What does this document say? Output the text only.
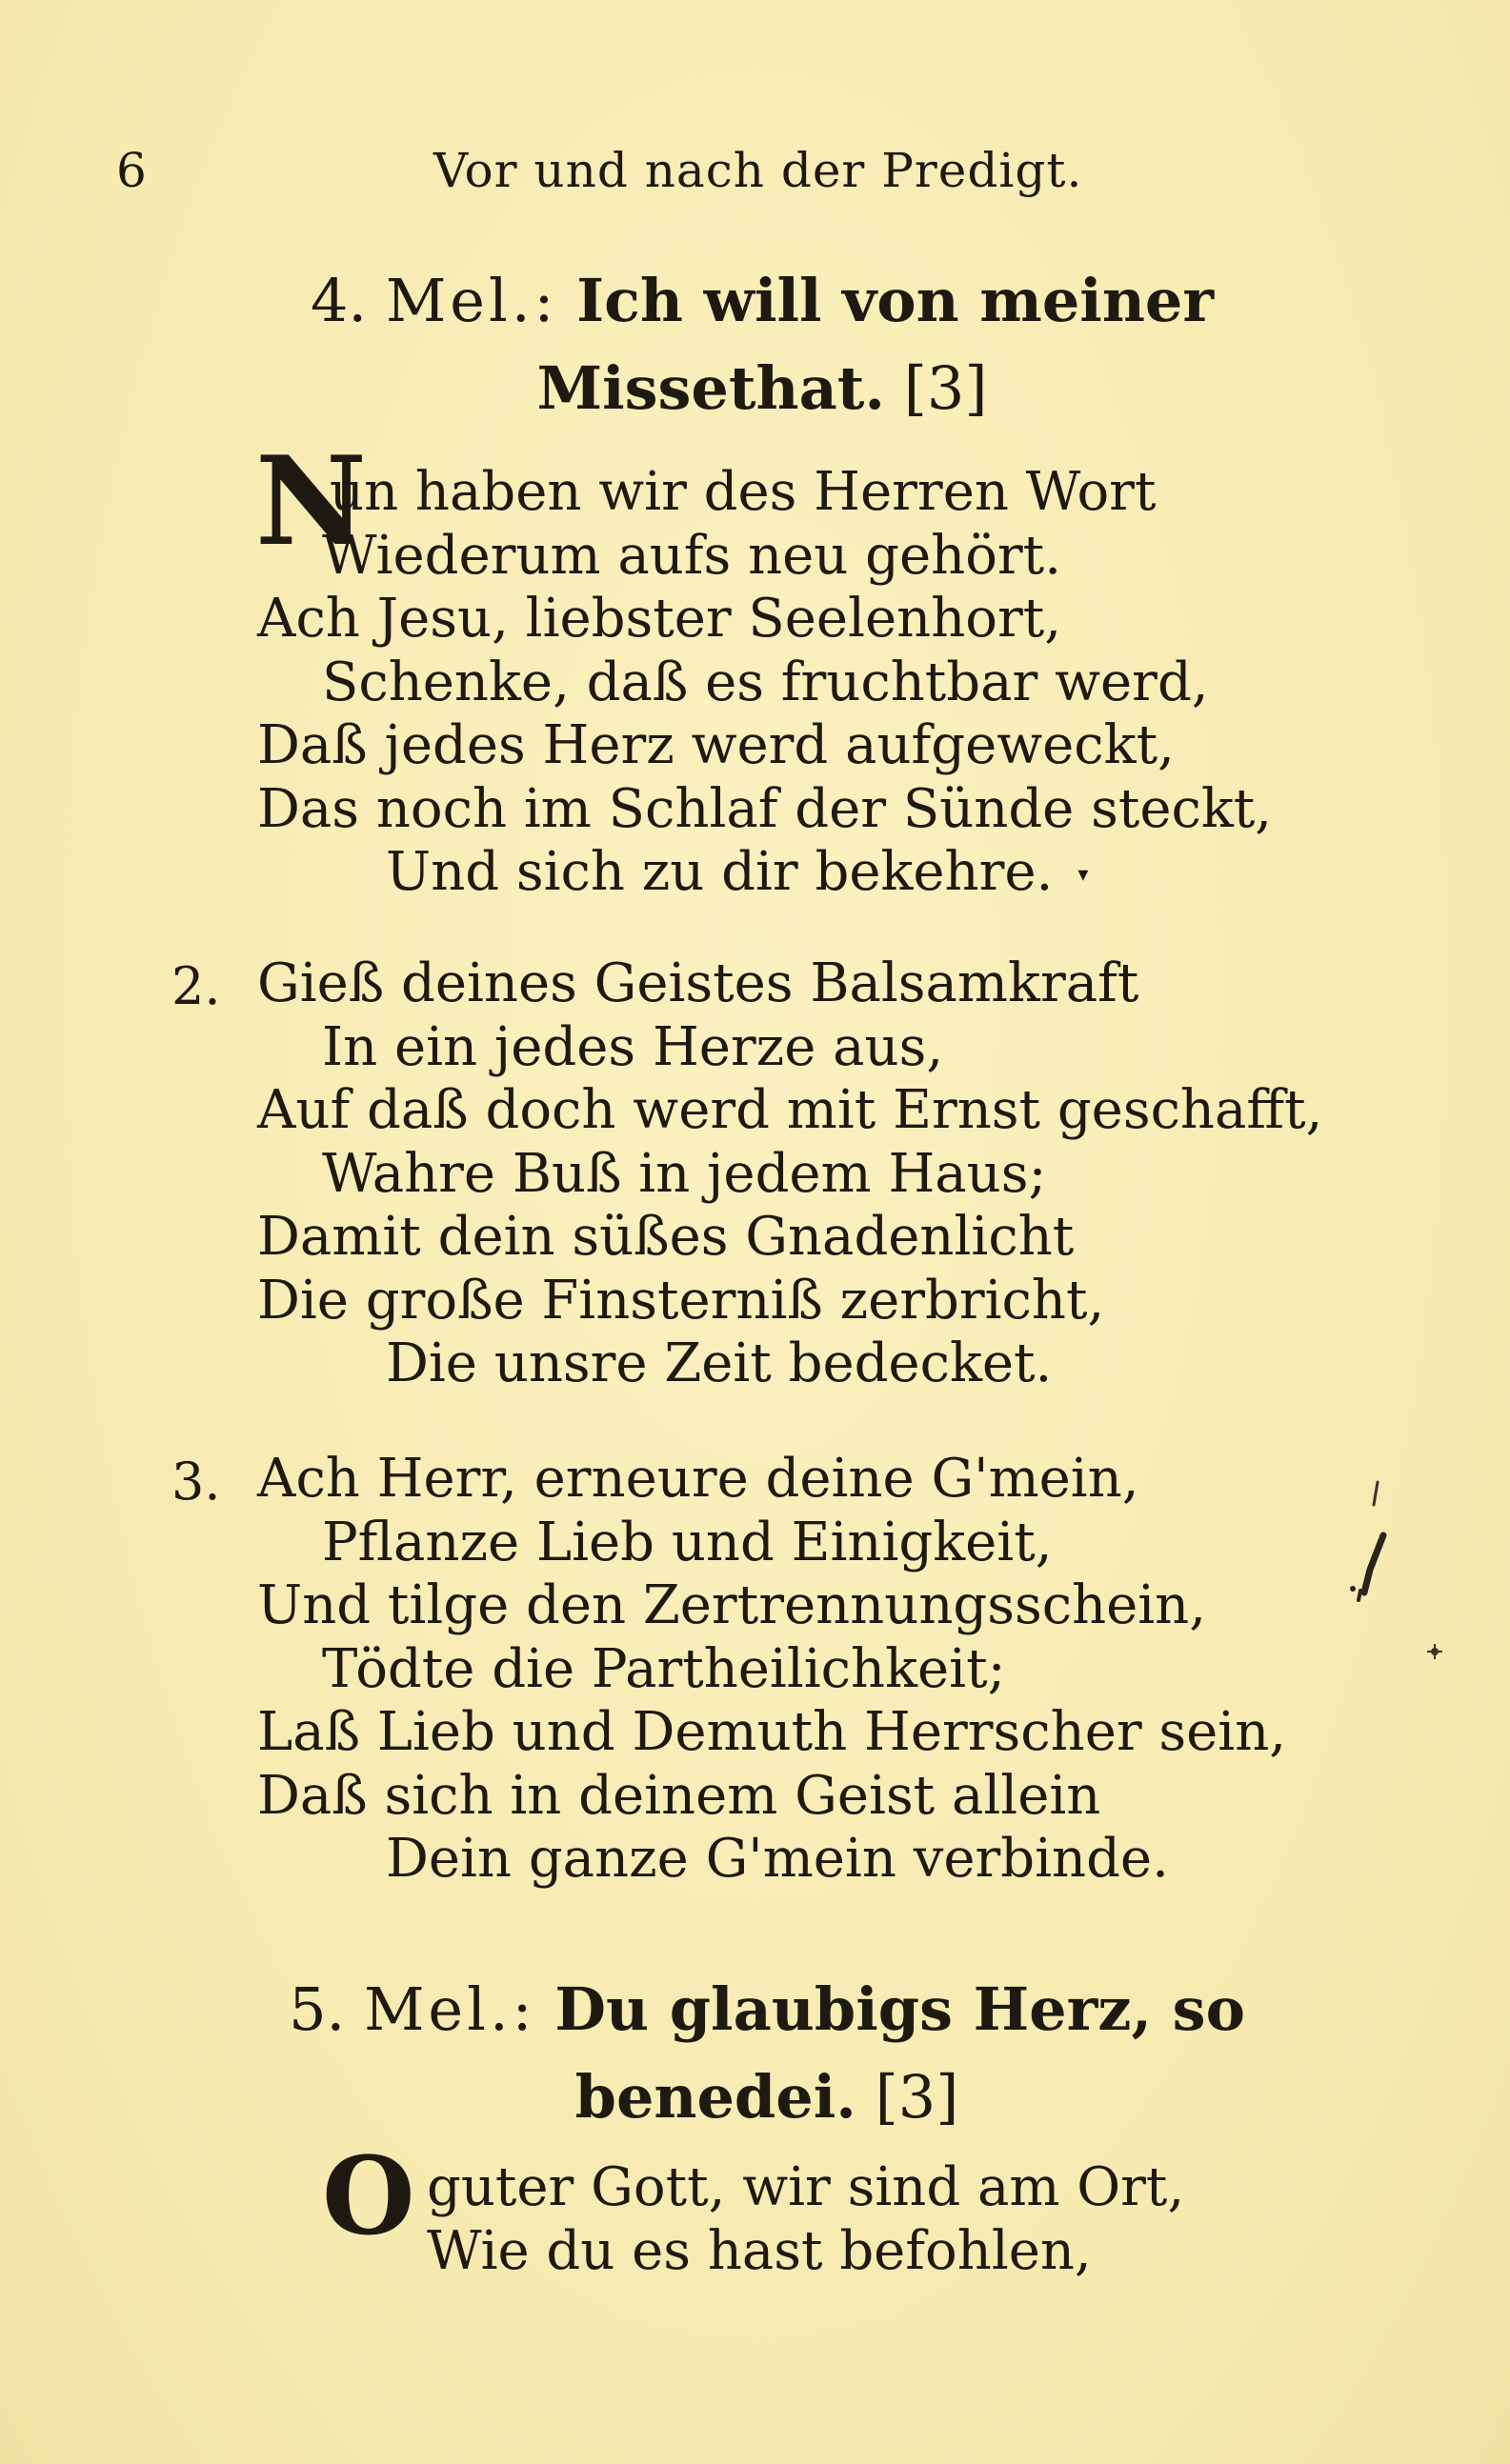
6	Vor und nach der Predigt.
4. Mel.: Ich will von meiner
Missethat. [3]
N
un haben wir des Herren Wort
Wiederum aufs neu gehört.
Ach Jesu, liebster Seelenhort,
Schenke, daß es fruchtbar werd,
Daß jedes Herz werd aufgeweckt,
Das noch im Schlaf der Sünde steckt,
Und sich zu dir bekehre. ▾
2. Gieß deines Geistes Balsamkraft
In ein jedes Herze aus,
Auf daß doch werd mit Ernst geschafft,
Wahre Buß in jedem Haus;
Damit dein süßes Gnadenlicht
Die große Finsterniß zerbricht,
Die unsre Zeit bedecket.
3. Ach Herr, erneure deine G'mein,
Pflanze Lieb und Einigkeit,
Und tilge den Zertrennungsschein,
Tödte die Partheilichkeit;
Laß Lieb und Demuth Herrscher sein,
Daß sich in deinem Geist allein
Dein ganze G'mein verbinde.
5. Mel.: Du glaubigs Herz, so
benedei. [3]
O guter Gott, wir sind am Ort,
Wie du es hast befohlen,
